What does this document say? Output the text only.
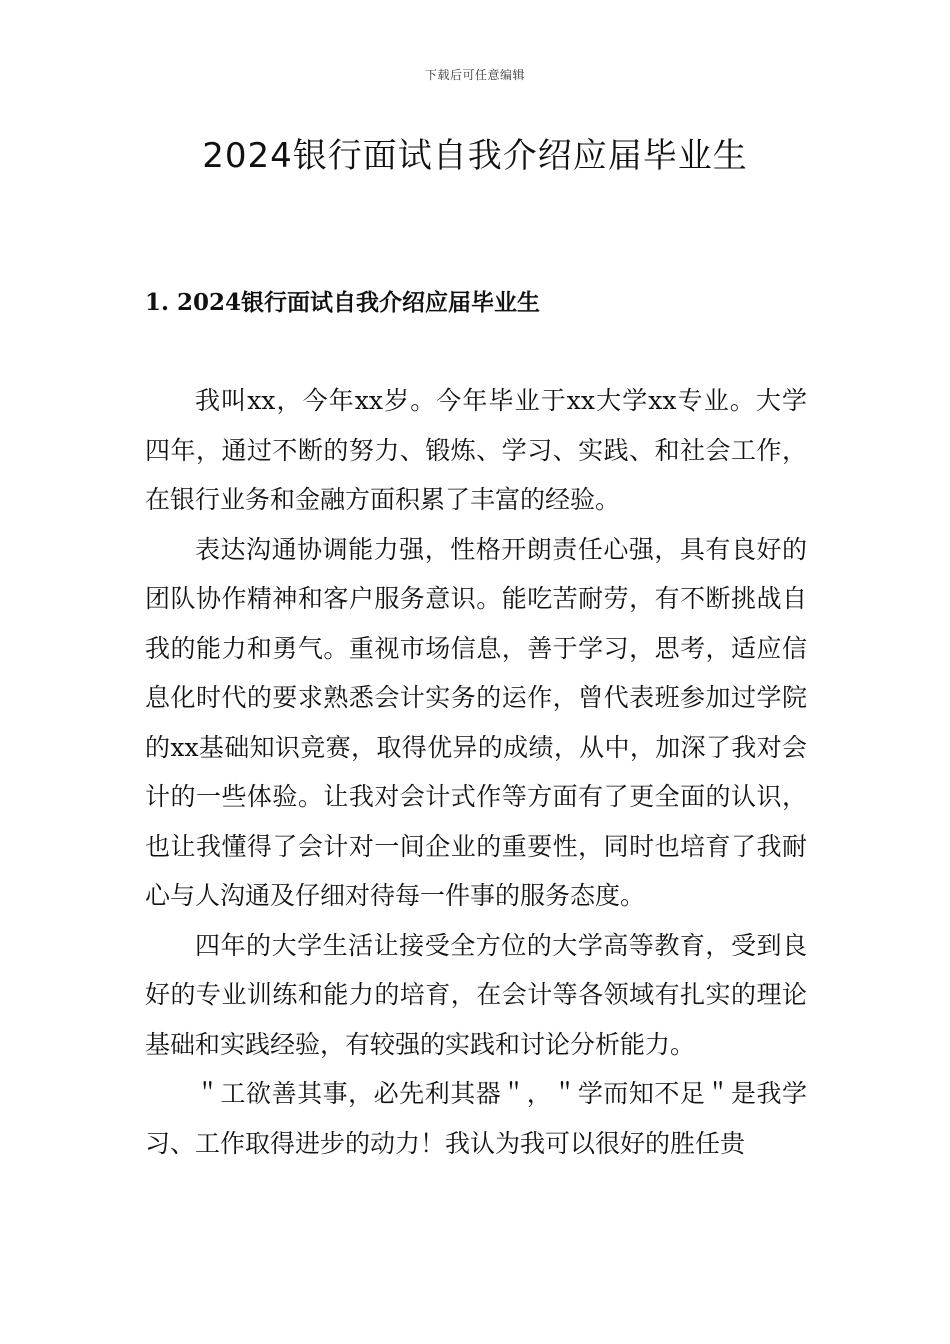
下载后可任意编辑
2024银行面试自我介绍应届毕业生
1. 2024银行面试自我介绍应届毕业生

我叫xx，今年xx岁。今年毕业于xx大学xx专业。大学四年，通过不断的努力、锻炼、学习、实践、和社会工作，在银行业务和金融方面积累了丰富的经验。

表达沟通协调能力强，性格开朗责任心强，具有良好的团队协作精神和客户服务意识。能吃苦耐劳，有不断挑战自我的能力和勇气。重视市场信息，善于学习，思考，适应信息化时代的要求熟悉会计实务的运作，曾代表班参加过学院的xx基础知识竞赛，取得优异的成绩，从中，加深了我对会计的一些体验。让我对会计式作等方面有了更全面的认识，也让我懂得了会计对一间企业的重要性，同时也培育了我耐心与人沟通及仔细对待每一件事的服务态度。

四年的大学生活让接受全方位的大学高等教育，受到良好的专业训练和能力的培育，在会计等各领域有扎实的理论基础和实践经验，有较强的实践和讨论分析能力。

＂工欲善其事，必先利其器＂，＂学而知不足＂是我学习、工作取得进步的动力！我认为我可以很好的胜任贵
